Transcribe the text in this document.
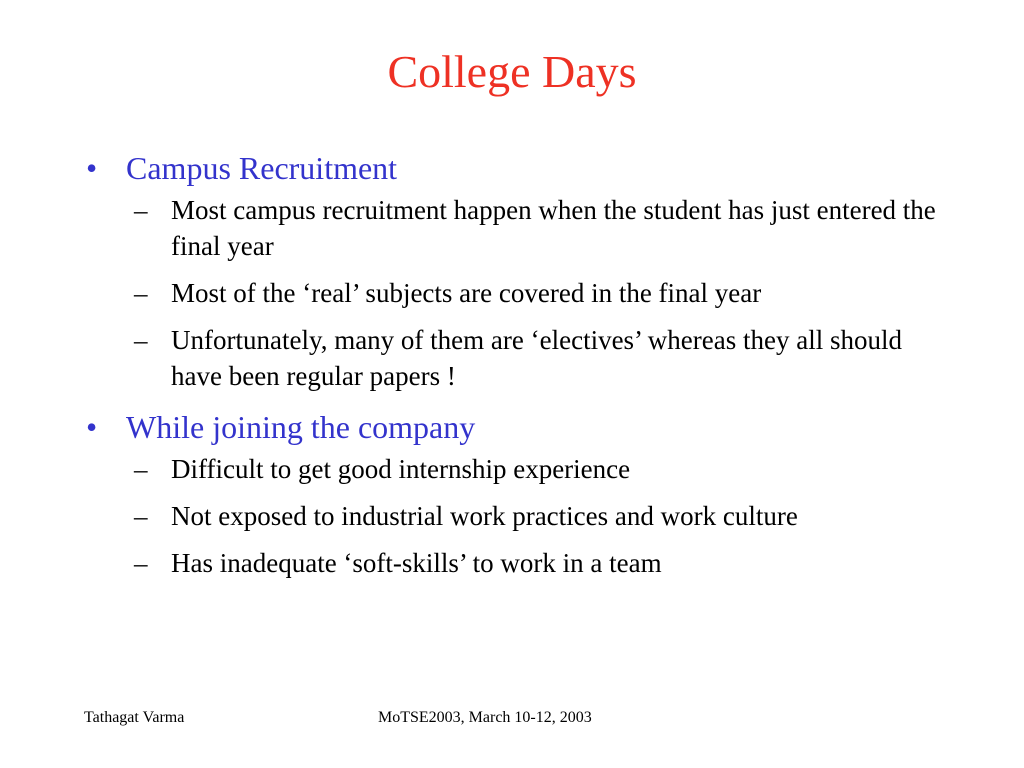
College Days
• Campus Recruitment
– Most campus recruitment happen when the student has just entered the final year
– Most of the ‘real’ subjects are covered in the final year
– Unfortunately, many of them are ‘electives’ whereas they all should have been regular papers !
• While joining the company
– Difficult to get good internship experience
– Not exposed to industrial work practices and work culture
– Has inadequate ‘soft-skills’ to work in a team
Tathagat Varma	MoTSE2003, March 10-12, 2003
